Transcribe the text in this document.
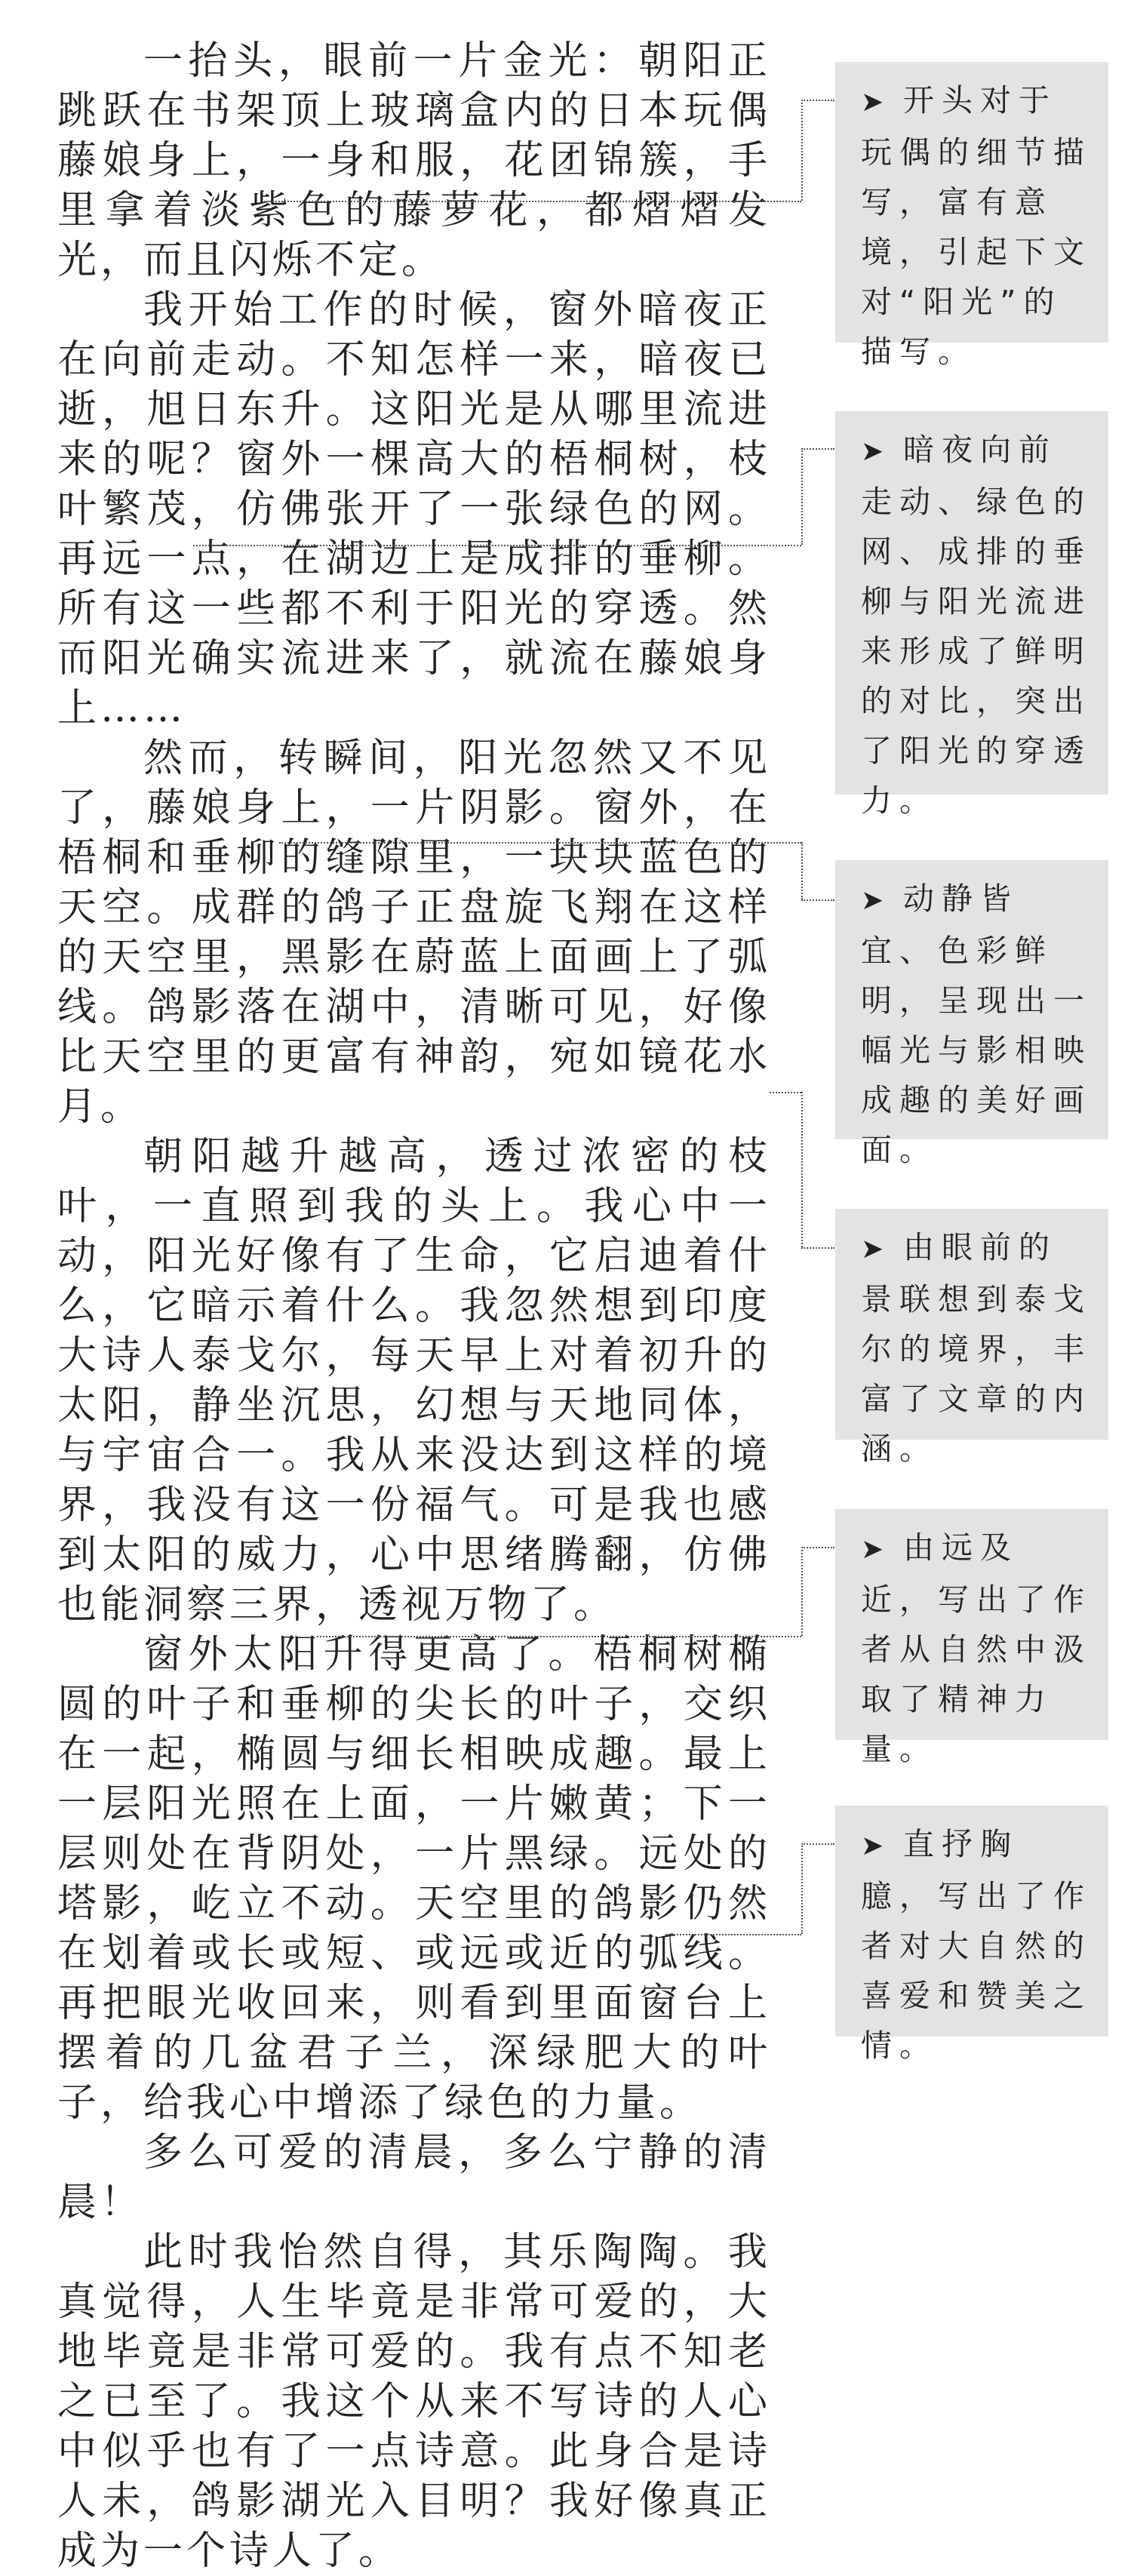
一抬头，眼前一片金光：朝阳正跳跃在书架顶上玻璃盒内的日本玩偶藤娘身上，一身和服，花团锦簇，手里拿着淡紫色的藤萝花，都熠熠发光，而且闪烁不定。

我开始工作的时候，窗外暗夜正在向前走动。不知怎样一来，暗夜已逝，旭日东升。这阳光是从哪里流进来的呢？窗外一棵高大的梧桐树，枝叶繁茂，仿佛张开了一张绿色的网。再远一点，在湖边上是成排的垂柳。所有这一些都不利于阳光的穿透。然而阳光确实流进来了，就流在藤娘身上……

然而，转瞬间，阳光忽然又不见了，藤娘身上，一片阴影。窗外，在梧桐和垂柳的缝隙里，一块块蓝色的天空。成群的鸽子正盘旋飞翔在这样的天空里，黑影在蔚蓝上面画上了弧线。鸽影落在湖中，清晰可见，好像比天空里的更富有神韵，宛如镜花水月。

朝阳越升越高，透过浓密的枝叶，一直照到我的头上。我心中一动，阳光好像有了生命，它启迪着什么，它暗示着什么。我忽然想到印度大诗人泰戈尔，每天早上对着初升的太阳，静坐沉思，幻想与天地同体，与宇宙合一。我从来没达到这样的境界，我没有这一份福气。可是我也感到太阳的威力，心中思绪腾翻，仿佛也能洞察三界，透视万物了。

窗外太阳升得更高了。梧桐树椭圆的叶子和垂柳的尖长的叶子，交织在一起，椭圆与细长相映成趣。最上一层阳光照在上面，一片嫩黄；下一层则处在背阴处，一片黑绿。远处的塔影，屹立不动。天空里的鸽影仍然在划着或长或短、或远或近的弧线。再把眼光收回来，则看到里面窗台上摆着的几盆君子兰，深绿肥大的叶子，给我心中增添了绿色的力量。

多么可爱的清晨，多么宁静的清晨！

此时我怡然自得，其乐陶陶。我真觉得，人生毕竟是非常可爱的，大地毕竟是非常可爱的。我有点不知老之已至了。我这个从来不写诗的人心中似乎也有了一点诗意。此身合是诗人未，鸽影湖光入目明？我好像真正成为一个诗人了。

➤ 开头对于玩偶的细节描写，富有意境，引起下文对“阳光”的描写。
➤ 暗夜向前走动、绿色的网、成排的垂柳与阳光流进来形成了鲜明的对比，突出了阳光的穿透力。
➤ 动静皆宜、色彩鲜明，呈现出一幅光与影相映成趣的美好画面。
➤ 由眼前的景联想到泰戈尔的境界，丰富了文章的内涵。
➤ 由远及近，写出了作者从自然中汲取了精神力量。
➤ 直抒胸臆，写出了作者对大自然的喜爱和赞美之情。
